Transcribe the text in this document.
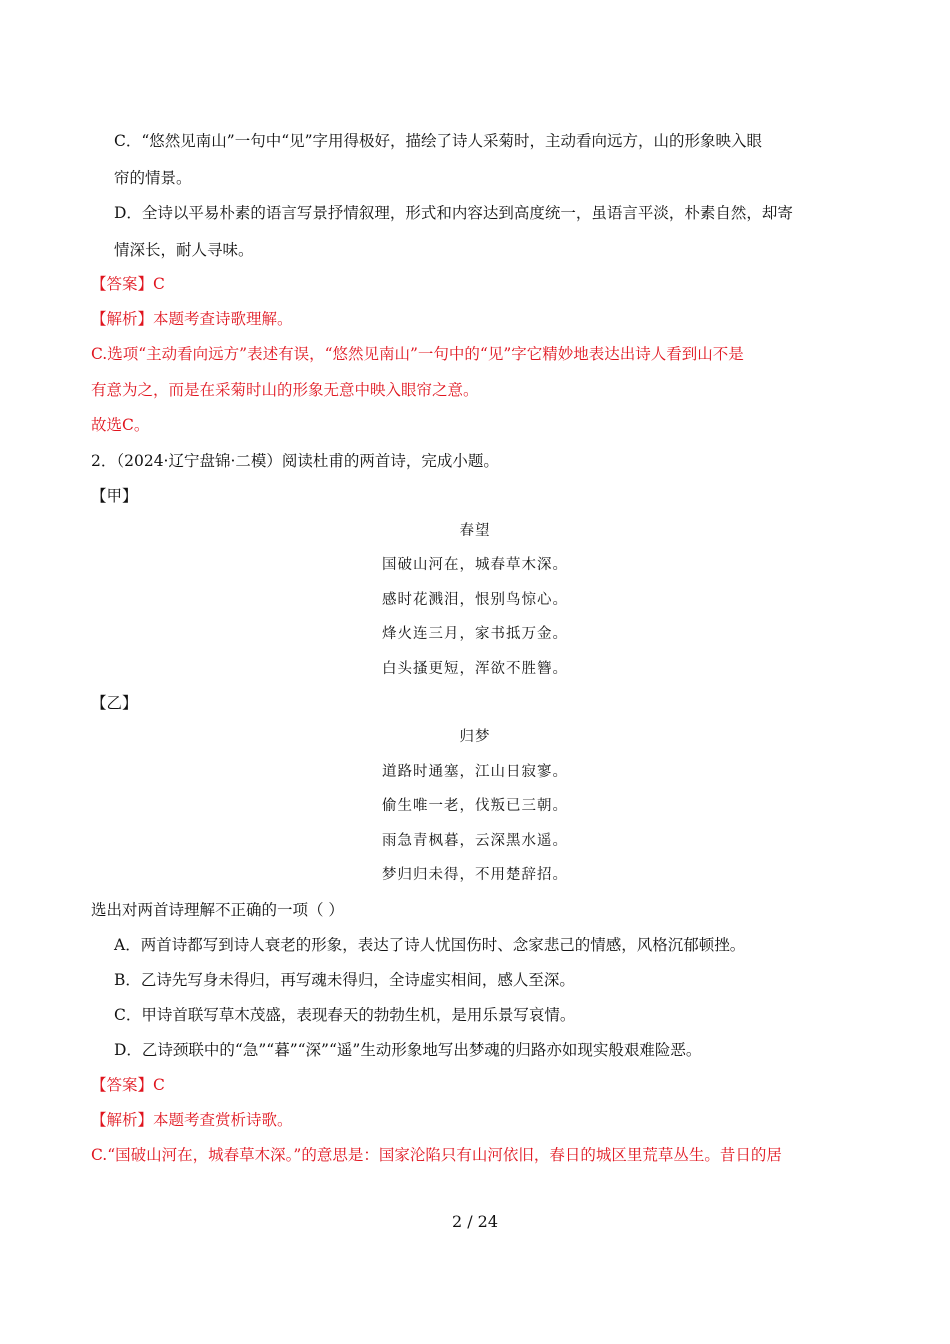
C．“悠然见南山”一句中“见”字用得极好，描绘了诗人采菊时，主动看向远方，山的形象映入眼
帘的情景。
D．全诗以平易朴素的语言写景抒情叙理，形式和内容达到高度统一，虽语言平淡，朴素自然，却寄
情深长，耐人寻味。
【答案】C
【解析】本题考查诗歌理解。
C.选项“主动看向远方”表述有误，“悠然见南山”一句中的“见”字它精妙地表达出诗人看到山不是
有意为之，而是在采菊时山的形象无意中映入眼帘之意。
故选C。
2．（2024·辽宁盘锦·二模）阅读杜甫的两首诗，完成小题。
【甲】
春望
国破山河在，城春草木深。
感时花溅泪，恨别鸟惊心。
烽火连三月，家书抵万金。
白头搔更短，浑欲不胜簪。
【乙】
归梦
道路时通塞，江山日寂寥。
偷生唯一老，伐叛已三朝。
雨急青枫暮，云深黑水遥。
梦归归未得，不用楚辞招。
选出对两首诗理解不正确的一项（ ）
A．两首诗都写到诗人衰老的形象，表达了诗人忧国伤时、念家悲己的情感，风格沉郁顿挫。
B．乙诗先写身未得归，再写魂未得归，全诗虚实相间，感人至深。
C．甲诗首联写草木茂盛，表现春天的勃勃生机，是用乐景写哀情。
D．乙诗颈联中的“急”“暮”“深”“遥”生动形象地写出梦魂的归路亦如现实般艰难险恶。
【答案】C
【解析】本题考查赏析诗歌。
C.“国破山河在，城春草木深。”的意思是：国家沦陷只有山河依旧，春日的城区里荒草丛生。昔日的居
2 / 24
